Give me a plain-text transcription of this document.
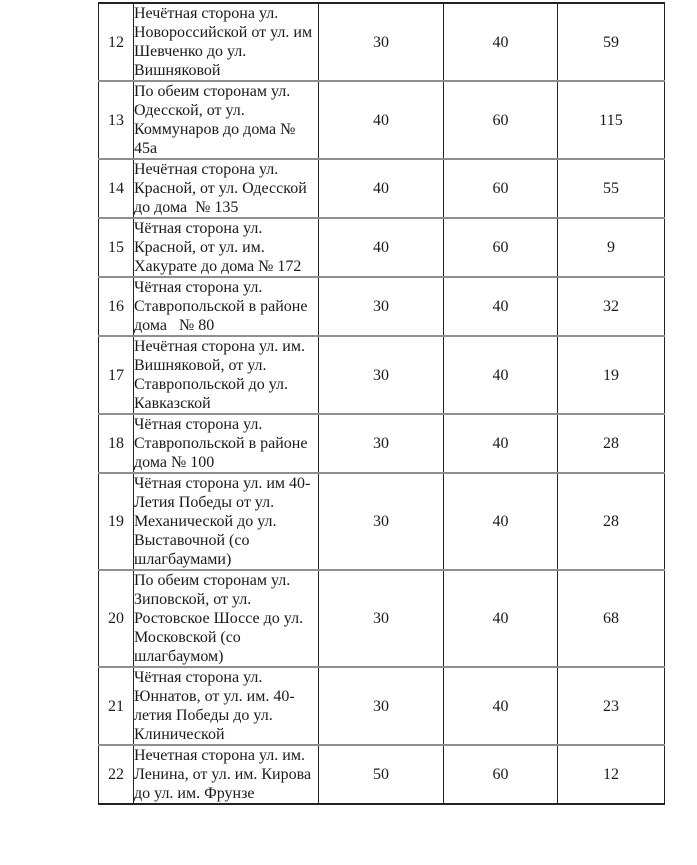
12	Нечётная сторона ул. Новороссийской от ул. им Шевченко до ул. Вишняковой	30	40	59
13	По обеим сторонам ул. Одесской, от ул. Коммунаров до дома № 45а	40	60	115
14	Нечётная сторона ул. Красной, от ул. Одесской до дома  № 135	40	60	55
15	Чётная сторона ул. Красной, от ул. им. Хакурате до дома № 172	40	60	9
16	Чётная сторона ул. Ставропольской в районе дома   № 80	30	40	32
17	Нечётная сторона ул. им. Вишняковой, от ул. Ставропольской до ул. Кавказской	30	40	19
18	Чётная сторона ул. Ставропольской в районе дома № 100	30	40	28
19	Чётная сторона ул. им 40-Летия Победы от ул. Механической до ул. Выставочной (со шлагбаумами)	30	40	28
20	По обеим сторонам ул. Зиповской, от ул. Ростовское Шоссе до ул. Московской (со шлагбаумом)	30	40	68
21	Чётная сторона ул. Юннатов, от ул. им. 40-летия Победы до ул. Клинической	30	40	23
22	Нечетная сторона ул. им. Ленина, от ул. им. Кирова до ул. им. Фрунзе	50	60	12
